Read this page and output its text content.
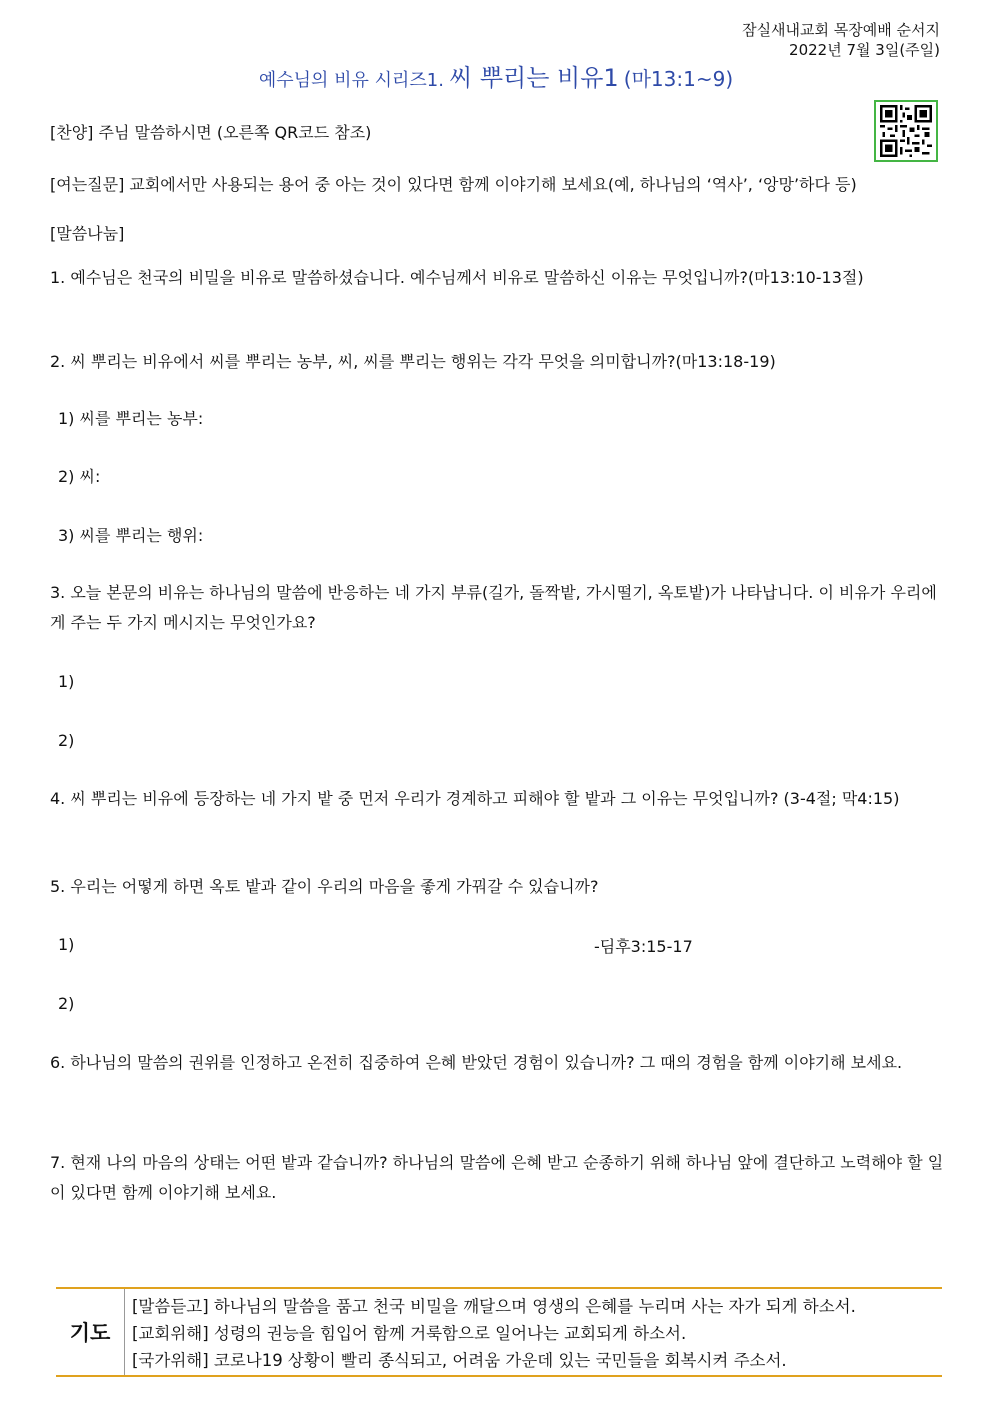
잠실새내교회 목장예배 순서지
2022년 7월 3일(주일)
예수님의 비유 시리즈1. 씨 뿌리는 비유1 (마13:1~9)
[찬양] 주님 말씀하시면 (오른쪽 QR코드 참조)
[여는질문] 교회에서만 사용되는 용어 중 아는 것이 있다면 함께 이야기해 보세요(예, 하나님의 ‘역사’, ‘앙망’하다 등)
[말씀나눔]
1. 예수님은 천국의 비밀을 비유로 말씀하셨습니다. 예수님께서 비유로 말씀하신 이유는 무엇입니까?(마13:10-13절)
2. 씨 뿌리는 비유에서 씨를 뿌리는 농부, 씨, 씨를 뿌리는 행위는 각각 무엇을 의미합니까?(마13:18-19)
1) 씨를 뿌리는 농부:
2) 씨:
3) 씨를 뿌리는 행위:
3. 오늘 본문의 비유는 하나님의 말씀에 반응하는 네 가지 부류(길가, 돌짝밭, 가시떨기, 옥토밭)가 나타납니다. 이 비유가 우리에게 주는 두 가지 메시지는 무엇인가요?
1)
2)
4. 씨 뿌리는 비유에 등장하는 네 가지 밭 중 먼저 우리가 경계하고 피해야 할 밭과 그 이유는 무엇입니까? (3-4절; 막4:15)
5. 우리는 어떻게 하면 옥토 밭과 같이 우리의 마음을 좋게 가꿔갈 수 있습니까?
1)	-딤후3:15-17
2)
6. 하나님의 말씀의 권위를 인정하고 온전히 집중하여 은혜 받았던 경험이 있습니까? 그 때의 경험을 함께 이야기해 보세요.
7. 현재 나의 마음의 상태는 어떤 밭과 같습니까? 하나님의 말씀에 은혜 받고 순종하기 위해 하나님 앞에 결단하고 노력해야 할 일이 있다면 함께 이야기해 보세요.
기도
[말씀듣고] 하나님의 말씀을 품고 천국 비밀을 깨달으며 영생의 은혜를 누리며 사는 자가 되게 하소서.
[교회위해] 성령의 권능을 힘입어 함께 거룩함으로 일어나는 교회되게 하소서.
[국가위해] 코로나19 상황이 빨리 종식되고, 어려움 가운데 있는 국민들을 회복시켜 주소서.
